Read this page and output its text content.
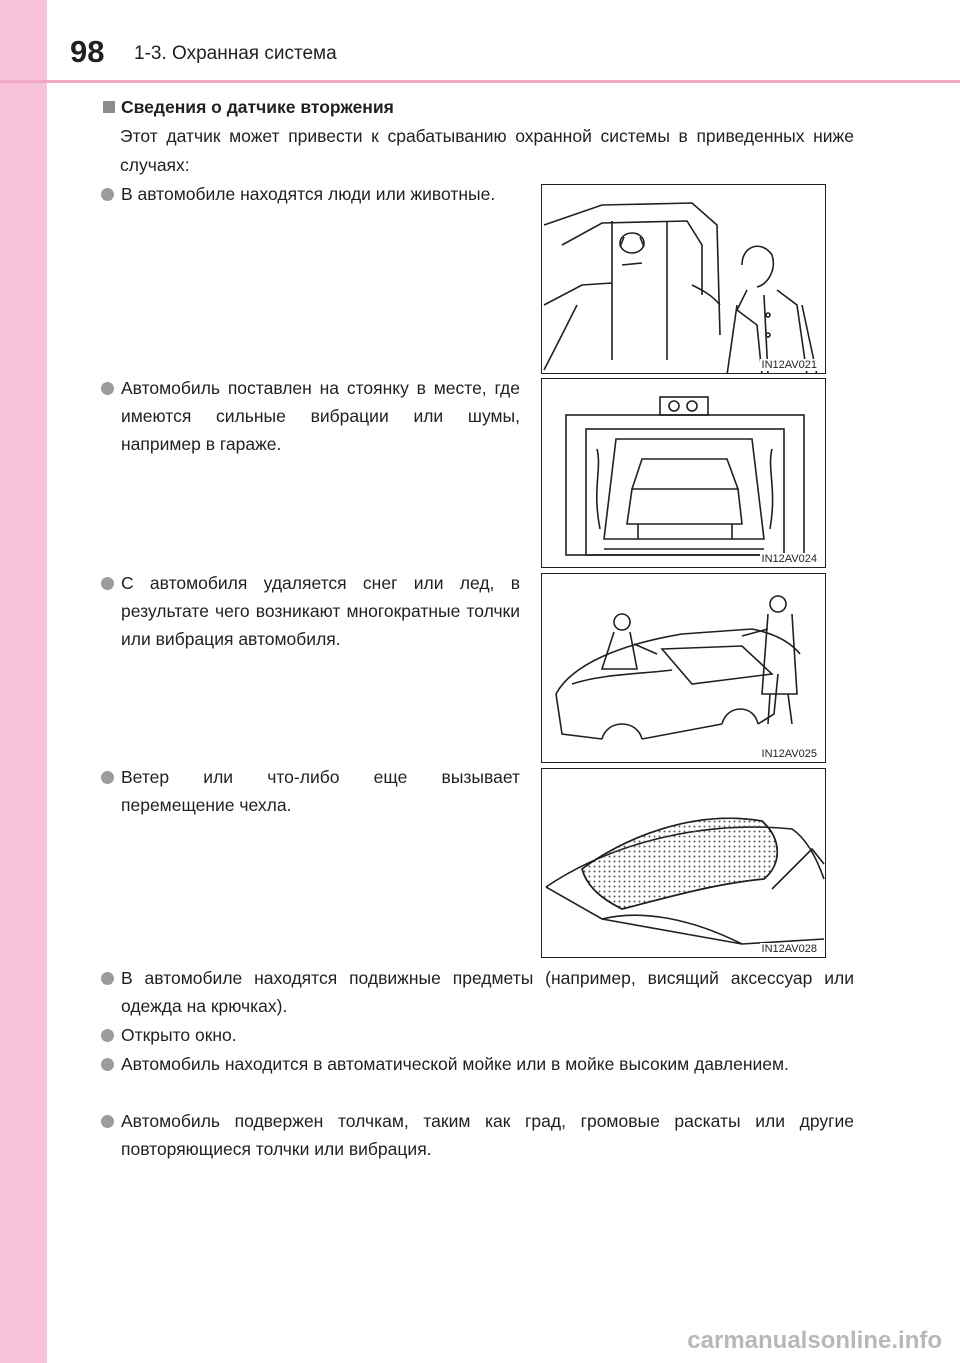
98 1-3. Охранная система
Сведения о датчике вторжения
Этот датчик может привести к срабатыванию охранной системы в приведенных ниже случаях:
В автомобиле находятся люди или животные.
IN12AV021
Автомобиль поставлен на стоянку в месте, где имеются сильные вибрации или шумы, например в гараже.
IN12AV024
С автомобиля удаляется снег или лед, в результате чего возникают многократные толчки или вибрация автомобиля.
IN12AV025
Ветер или что-либо еще вызывает перемещение чехла.
IN12AV028
В автомобиле находятся подвижные предметы (например, висящий аксессуар или одежда на крючках).
Открыто окно.
Автомобиль находится в автоматической мойке или в мойке высоким давлением.
Автомобиль подвержен толчкам, таким как град, громовые раскаты или другие повторяющиеся толчки или вибрация.
carmanualsonline.info
